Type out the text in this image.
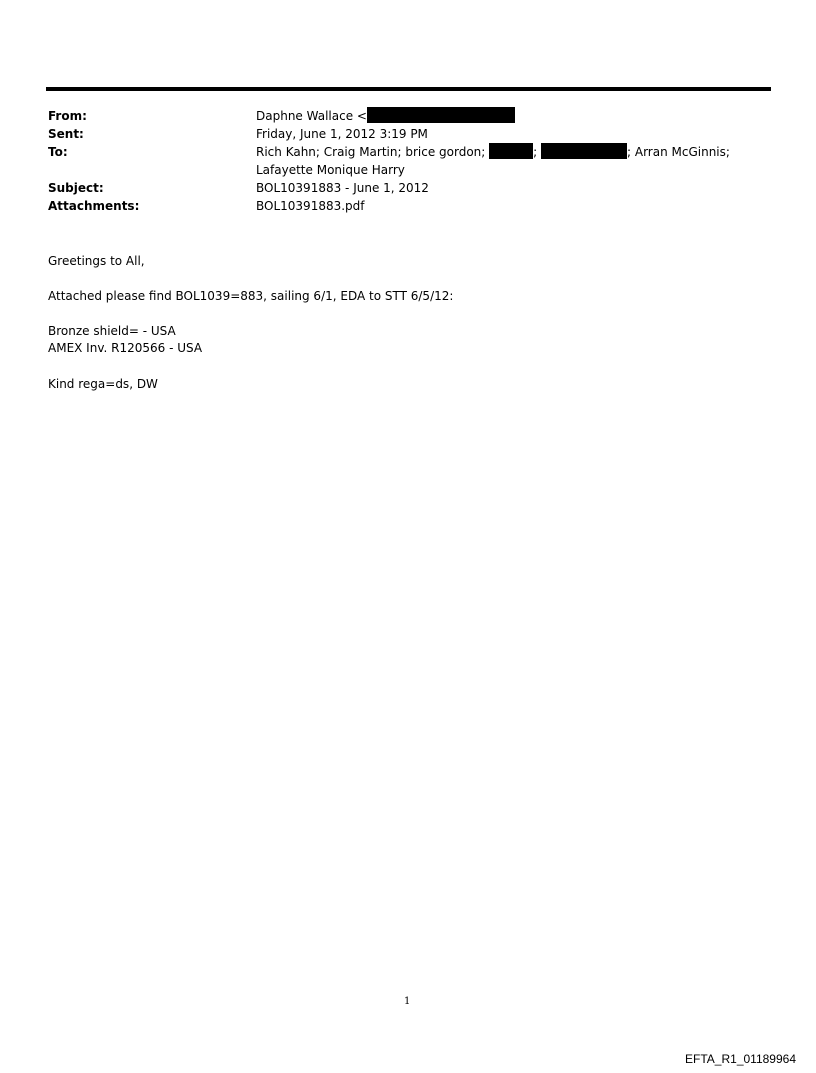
From:
Sent:
To:
Subject:
Attachments:
Daphne Wallace <
Friday, June 1, 2012 3:19 PM
Rich Kahn; Craig Martin; brice gordon;	;	; Arran McGinnis;
Lafayette Monique Harry
BOL10391883 - June 1, 2012
BOL10391883.pdf
Greetings to All,
Attached please find BOL1039=883, sailing 6/1, EDA to STT 6/5/12:
Bronze shield= - USA
AMEX Inv. R120566 - USA
Kind rega=ds, DW
1
EFTA_R1_01189964
